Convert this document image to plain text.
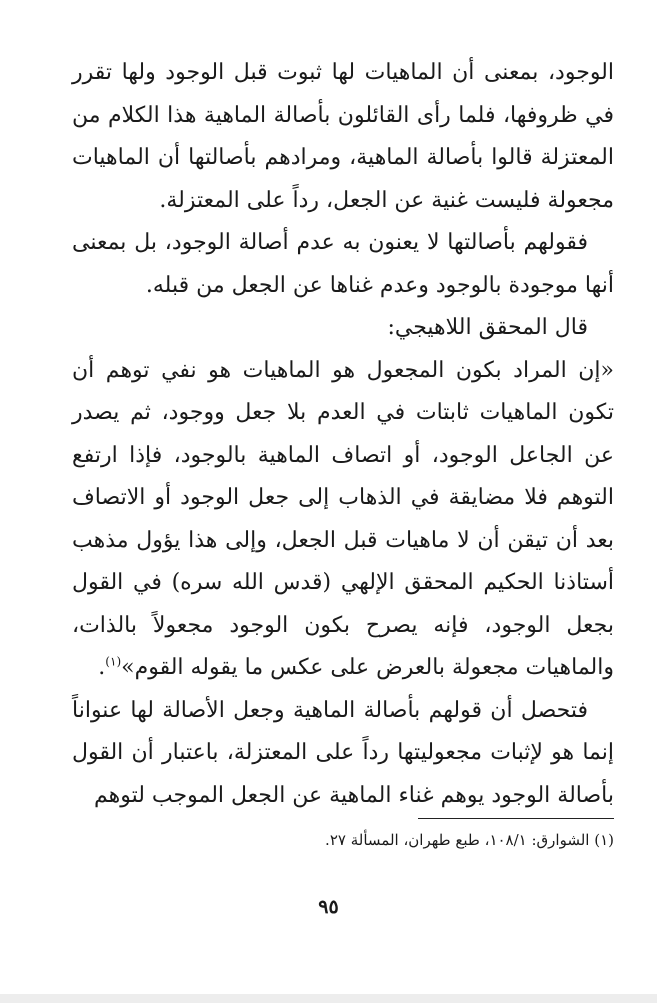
الوجود، بمعنى أن الماهيات لها ثبوت قبل الوجود ولها تقرر في ظروفها، فلما رأى القائلون بأصالة الماهية هذا الكلام من المعتزلة قالوا بأصالة الماهية، ومرادهم بأصالتها أن الماهيات مجعولة فليست غنية عن الجعل، رداً على المعتزلة.

فقولهم بأصالتها لا يعنون به عدم أصالة الوجود، بل بمعنى أنها موجودة بالوجود وعدم غناها عن الجعل من قبله.

قال المحقق اللاهيجي:

«إن المراد بكون المجعول هو الماهيات هو نفي توهم أن تكون الماهيات ثابتات في العدم بلا جعل ووجود، ثم يصدر عن الجاعل الوجود، أو اتصاف الماهية بالوجود، فإذا ارتفع التوهم فلا مضايقة في الذهاب إلى جعل الوجود أو الاتصاف بعد أن تيقن أن لا ماهيات قبل الجعل، وإلى هذا يؤول مذهب أستاذنا الحكيم المحقق الإلهي (قدس الله سره) في القول بجعل الوجود، فإنه يصرح بكون الوجود مجعولاً بالذات، والماهيات مجعولة بالعرض على عكس ما يقوله القوم»$^{(١)}$.

فتحصل أن قولهم بأصالة الماهية وجعل الأصالة لها عنواناً إنما هو لإثبات مجعوليتها رداً على المعتزلة، باعتبار أن القول بأصالة الوجود يوهم غناء الماهية عن الجعل الموجب لتوهم

(١) الشوارق: ١٠٨/١، طبع طهران، المسألة ٢٧.

٩٥
